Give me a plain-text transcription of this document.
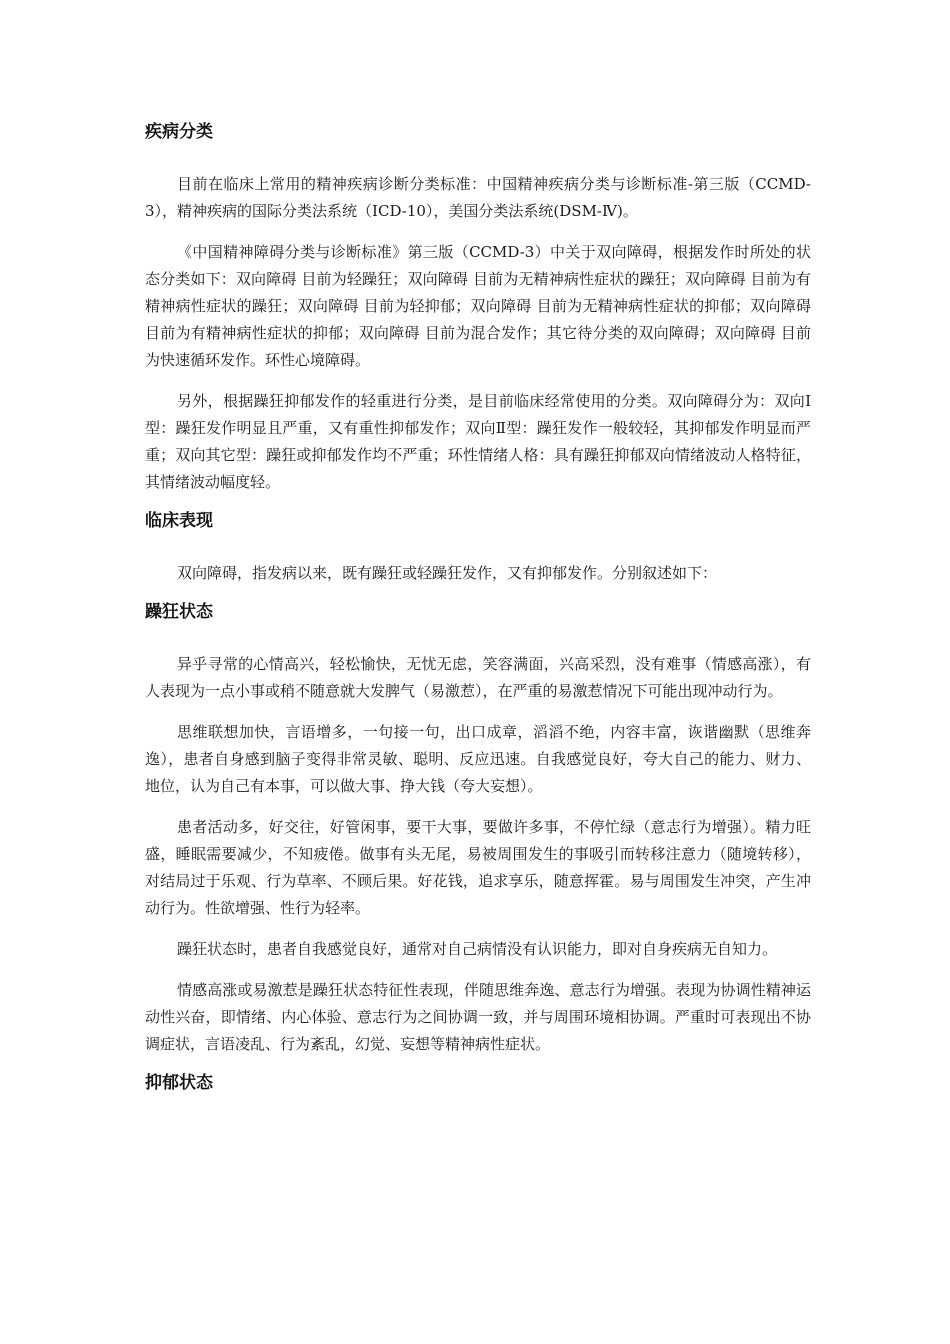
疾病分类

目前在临床上常用的精神疾病诊断分类标准：中国精神疾病分类与诊断标准-第三版（CCMD-3），精神疾病的国际分类法系统（ICD-10），美国分类法系统(DSM-Ⅳ)。

《中国精神障碍分类与诊断标准》第三版（CCMD-3）中关于双向障碍，根据发作时所处的状态分类如下：双向障碍 目前为轻躁狂；双向障碍 目前为无精神病性症状的躁狂；双向障碍 目前为有精神病性症状的躁狂；双向障碍 目前为轻抑郁；双向障碍 目前为无精神病性症状的抑郁；双向障碍 目前为有精神病性症状的抑郁；双向障碍 目前为混合发作；其它待分类的双向障碍；双向障碍 目前为快速循环发作。环性心境障碍。

另外，根据躁狂抑郁发作的轻重进行分类，是目前临床经常使用的分类。双向障碍分为：双向Ⅰ型：躁狂发作明显且严重，又有重性抑郁发作；双向Ⅱ型：躁狂发作一般较轻，其抑郁发作明显而严重；双向其它型：躁狂或抑郁发作均不严重；环性情绪人格：具有躁狂抑郁双向情绪波动人格特征，其情绪波动幅度轻。

临床表现

双向障碍，指发病以来，既有躁狂或轻躁狂发作，又有抑郁发作。分别叙述如下：

躁狂状态

异乎寻常的心情高兴，轻松愉快，无忧无虑，笑容满面，兴高采烈，没有难事（情感高涨），有人表现为一点小事或稍不随意就大发脾气（易激惹），在严重的易激惹情况下可能出现冲动行为。

思维联想加快，言语增多，一句接一句，出口成章，滔滔不绝，内容丰富，诙谐幽默（思维奔逸），患者自身感到脑子变得非常灵敏、聪明、反应迅速。自我感觉良好，夸大自己的能力、财力、地位，认为自己有本事，可以做大事、挣大钱（夸大妄想）。

患者活动多，好交往，好管闲事，要干大事，要做许多事，不停忙绿（意志行为增强）。精力旺盛，睡眠需要减少，不知疲倦。做事有头无尾，易被周围发生的事吸引而转移注意力（随境转移），对结局过于乐观、行为草率、不顾后果。好花钱，追求享乐，随意挥霍。易与周围发生冲突，产生冲动行为。性欲增强、性行为轻率。

躁狂状态时，患者自我感觉良好，通常对自己病情没有认识能力，即对自身疾病无自知力。

情感高涨或易激惹是躁狂状态特征性表现，伴随思维奔逸、意志行为增强。表现为协调性精神运动性兴奋，即情绪、内心体验、意志行为之间协调一致，并与周围环境相协调。严重时可表现出不协调症状，言语凌乱、行为紊乱，幻觉、妄想等精神病性症状。

抑郁状态
